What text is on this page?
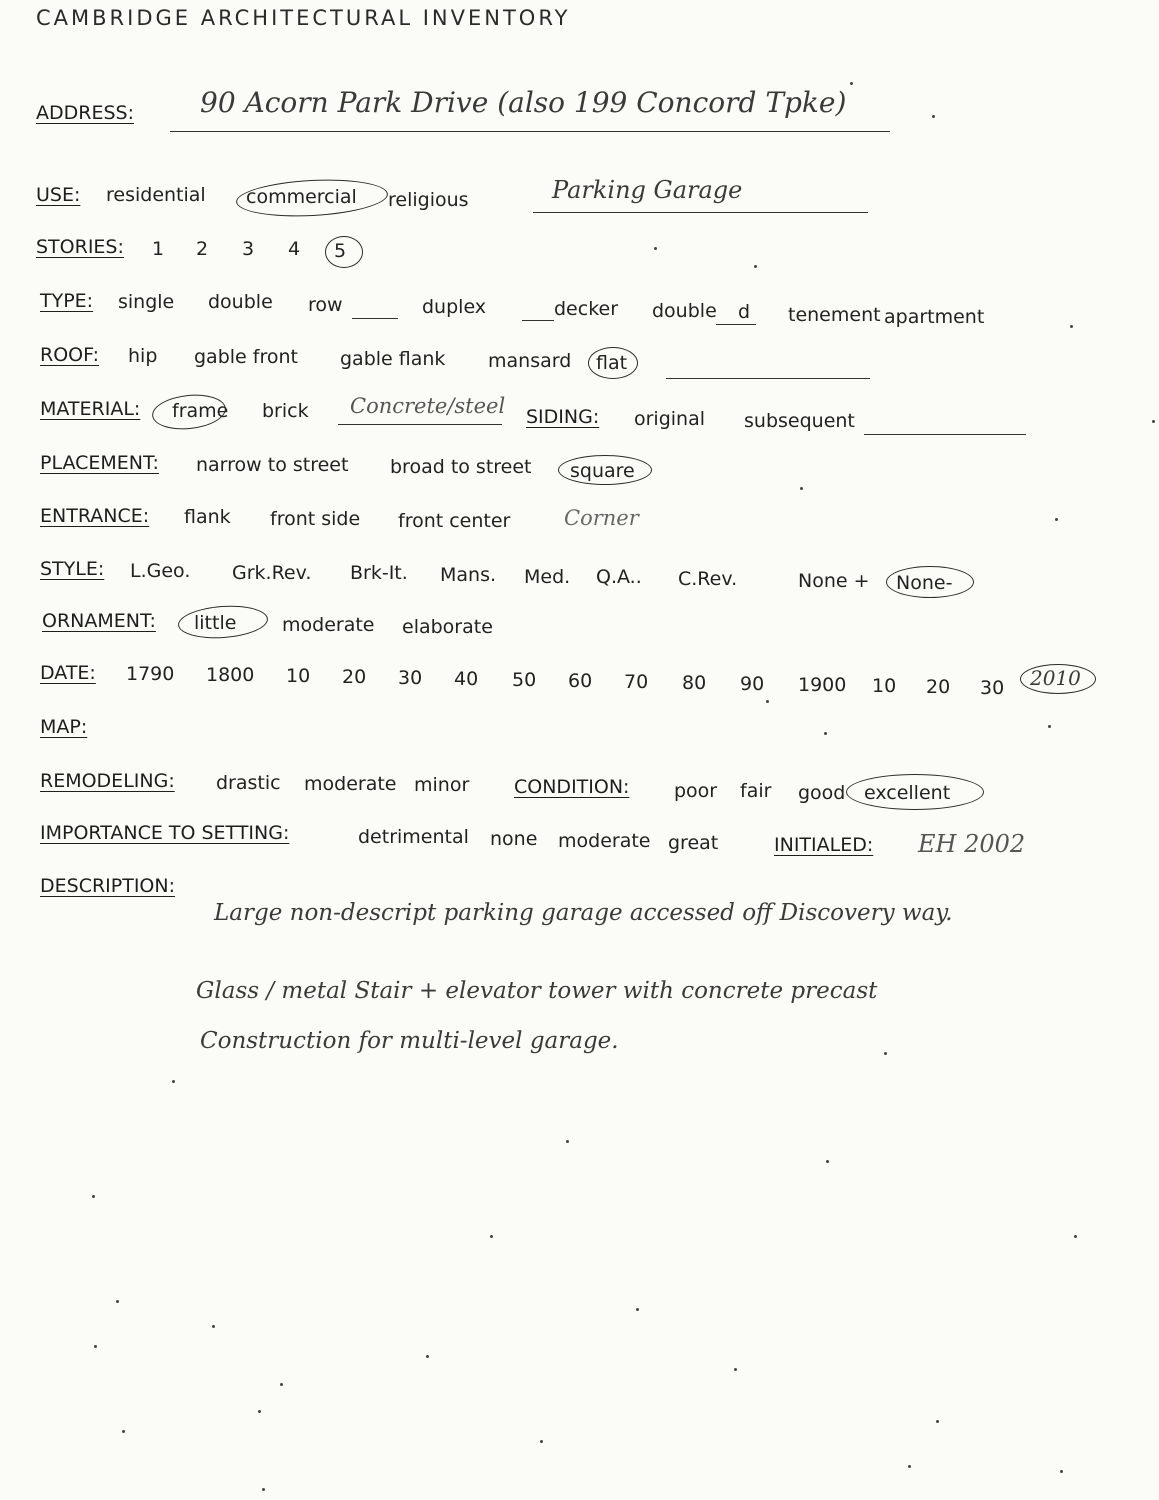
CAMBRIDGE ARCHITECTURAL INVENTORY
ADDRESS: 90 Acorn Park Drive (also 199 Concord Tpke)
USE: residential commercial religious	Parking Garage
STORIES: 1 2 3 4 5
TYPE: single double row	duplex	decker double d tenement apartment
ROOF: hip gable front gable flank mansard flat
MATERIAL: frame brick Concrete/steel SIDING: original subsequent
PLACEMENT: narrow to street broad to street square
ENTRANCE: flank front side front center	Corner
STYLE: L.Geo. Grk.Rev. Brk-It. Mans. Med. Q.A.. C.Rev.	None + None-
ORNAMENT: little moderate elaborate
DATE: 1790 1800 10 20 30 40 50 60 70 80 90 1900 10 20 30 2010
MAP:
REMODELING: drastic moderate minor CONDITION: poor fair good excellent
IMPORTANCE TO SETTING:	detrimental none moderate great	INITIALED: EH 2002
DESCRIPTION:
Large non-descript parking garage accessed off Discovery way.
Glass / metal Stair + elevator tower with concrete precast
Construction for multi-level garage.
